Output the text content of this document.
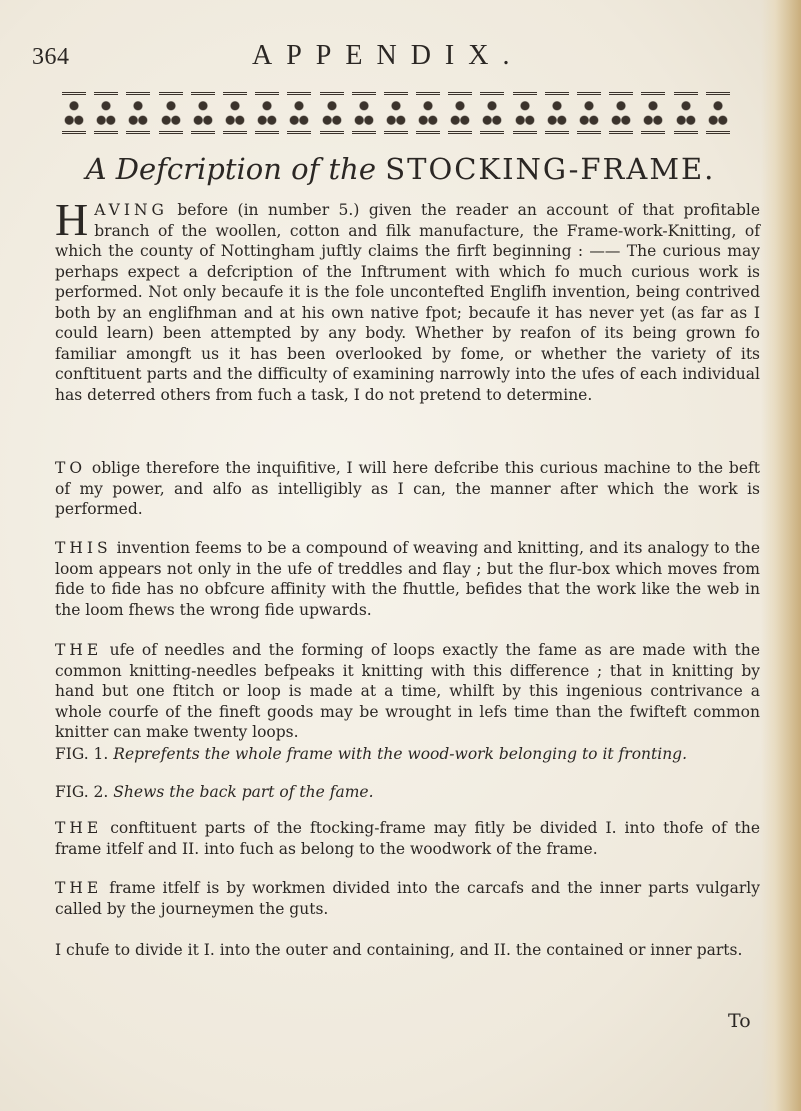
364	APPENDIX.
A Defcription of the STOCKING-FRAME.
H AVING before (in number 5.) given the reader an account of that profitable branch of the woollen, cotton and filk manufacture, the Frame-work-Knitting, of which the county of Nottingham juftly claims the firft beginning : —— The curious may perhaps expect a defcription of the Inftrument with which fo much curious work is performed. Not only becaufe it is the fole uncontefted Englifh invention, being contrived both by an englifhman and at his own native fpot; becaufe it has never yet (as far as I could learn) been attempted by any body. Whether by reafon of its being grown fo familiar amongft us it has been overlooked by fome, or whether the variety of its conftituent parts and the difficulty of examining narrowly into the ufes of each individual has deterred others from fuch a task, I do not pretend to determine.
TO oblige therefore the inquifitive, I will here defcribe this curious machine to the beft of my power, and alfo as intelligibly as I can, the manner after which the work is performed.
THIS invention feems to be a compound of weaving and knitting, and its analogy to the loom appears not only in the ufe of treddles and flay ; but the flur-box which moves from fide to fide has no obfcure affinity with the fhuttle, befides that the work like the web in the loom fhews the wrong fide upwards.
THE ufe of needles and the forming of loops exactly the fame as are made with the common knitting-needles befpeaks it knitting with this difference ; that in knitting by hand but one ftitch or loop is made at a time, whilft by this ingenious contrivance a whole courfe of the fineft goods may be wrought in lefs time than the fwifteft common knitter can make twenty loops.
FIG. 1. Reprefents the whole frame with the wood-work belonging to it fronting.
FIG. 2. Shews the back part of the fame.
THE conftituent parts of the ftocking-frame may fitly be divided I. into thofe of the frame itfelf and II. into fuch as belong to the woodwork of the frame.
THE frame itfelf is by workmen divided into the carcafs and the inner parts vulgarly called by the journeymen the guts.
I chufe to divide it I. into the outer and containing, and II. the contained or inner parts.
To
